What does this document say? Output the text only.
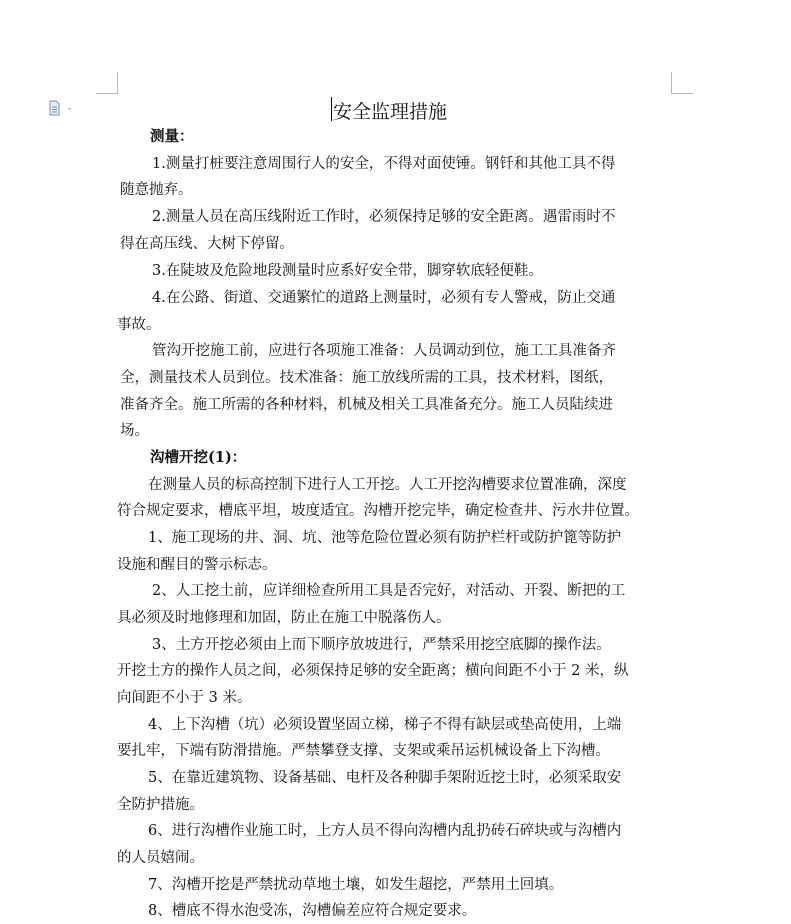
安全监理措施
测量：
1.测量打桩要注意周围行人的安全，不得对面使锤。钢钎和其他工具不得
随意抛弃。
2.测量人员在高压线附近工作时，必须保持足够的安全距离。遇雷雨时不
得在高压线、大树下停留。
3.在陡坡及危险地段测量时应系好安全带，脚穿软底轻便鞋。
4.在公路、街道、交通繁忙的道路上测量时，必须有专人警戒，防止交通
事故。
管沟开挖施工前，应进行各项施工准备：人员调动到位，施工工具准备齐
全，测量技术人员到位。技术准备：施工放线所需的工具，技术材料，图纸，
准备齐全。施工所需的各种材料，机械及相关工具准备充分。施工人员陆续进
场。
沟槽开挖(1)：
在测量人员的标高控制下进行人工开挖。人工开挖沟槽要求位置准确，深度
符合规定要求，槽底平坦，坡度适宜。沟槽开挖完毕，确定检查井、污水井位置。
1、施工现场的井、洞、坑、池等危险位置必须有防护栏杆或防护篦等防护
设施和醒目的警示标志。
2、人工挖土前，应详细检查所用工具是否完好，对活动、开裂、断把的工
具必须及时地修理和加固，防止在施工中脱落伤人。
3、土方开挖必须由上而下顺序放坡进行，严禁采用挖空底脚的操作法。
开挖土方的操作人员之间，必须保持足够的安全距离；横向间距不小于 2 米，纵
向间距不小于 3 米。
4、上下沟槽（坑）必须设置坚固立梯，梯子不得有缺层或垫高使用，上端
要扎牢，下端有防滑措施。严禁攀登支撑、支架或乘吊运机械设备上下沟槽。
5、在靠近建筑物、设备基础、电杆及各种脚手架附近挖土时，必须采取安
全防护措施。
6、进行沟槽作业施工时，上方人员不得向沟槽内乱扔砖石碎块或与沟槽内
的人员嬉闹。
7、沟槽开挖是严禁扰动草地土壤，如发生超挖，严禁用土回填。
8、槽底不得水泡受冻，沟槽偏差应符合规定要求。
